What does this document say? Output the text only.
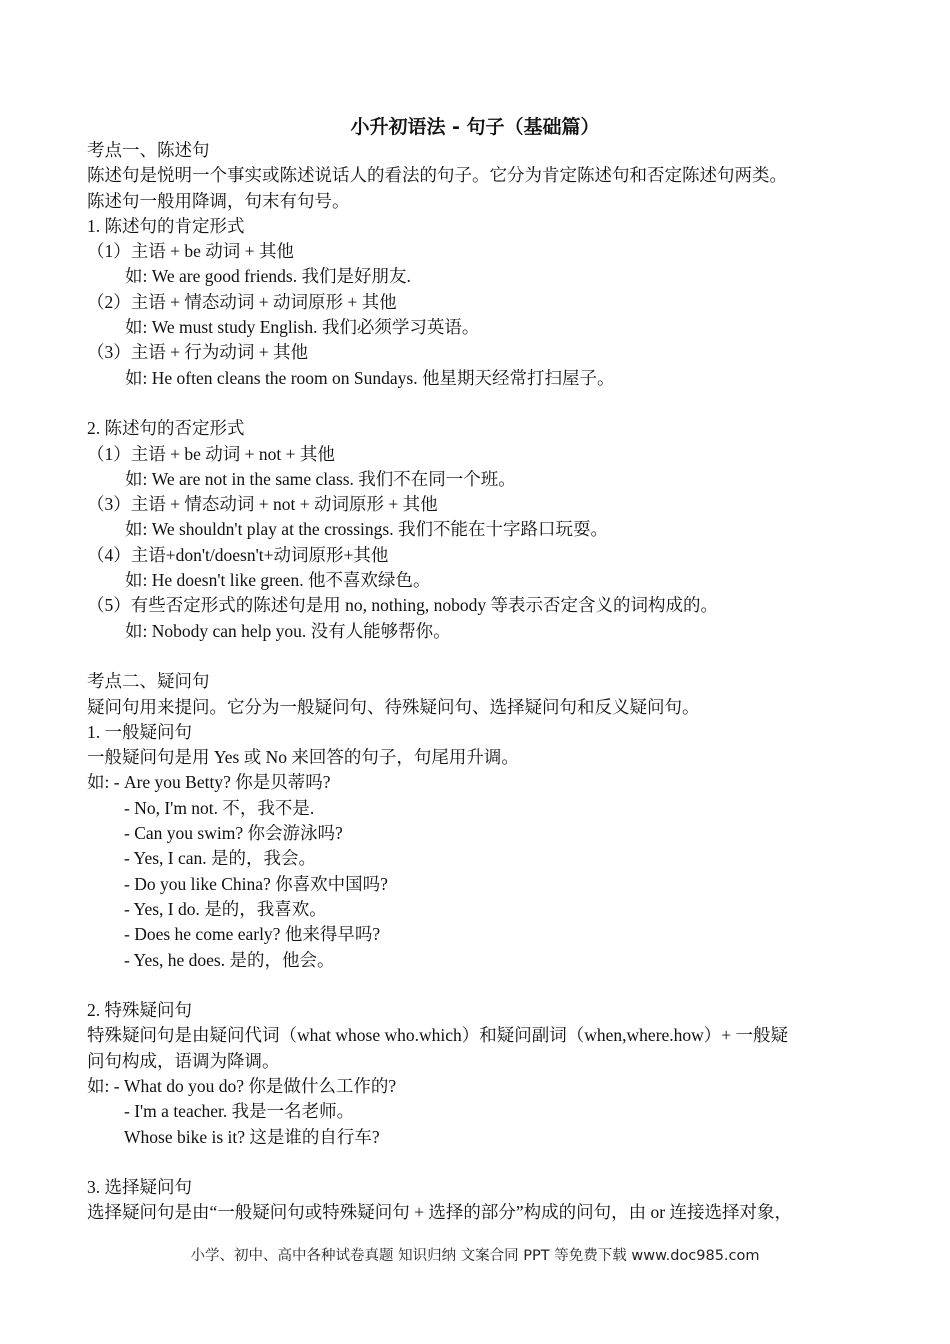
小升初语法 - 句子（基础篇）
考点一、陈述句
陈述句是悦明一个事实或陈述说话人的看法的句子。它分为肯定陈述句和否定陈述句两类。
陈述句一般用降调，句末有句号。
1. 陈述句的肯定形式
（1）主语 + be 动词 + 其他
如: We are good friends. 我们是好朋友.
（2）主语 + 情态动词 + 动词原形 + 其他
如: We must study English. 我们必须学习英语。
（3）主语 + 行为动词 + 其他
如: He often cleans the room on Sundays. 他星期天经常打扫屋子。
2. 陈述句的否定形式
（1）主语 + be 动词 + not + 其他
如: We are not in the same class. 我们不在同一个班。
（3）主语 + 情态动词 + not + 动词原形 + 其他
如: We shouldn't play at the crossings. 我们不能在十字路口玩耍。
（4）主语+don't/doesn't+动词原形+其他
如: He doesn't like green. 他不喜欢绿色。
（5）有些否定形式的陈述句是用 no, nothing, nobody 等表示否定含义的词构成的。
如: Nobody can help you. 没有人能够帮你。
考点二、疑问句
疑问句用来提问。它分为一般疑问句、待殊疑问句、选择疑问句和反义疑问句。
1. 一般疑问句
一般疑问句是用 Yes 或 No 来回答的句子，句尾用升调。
如: - Are you Betty? 你是贝蒂吗?
- No, I'm not. 不，我不是.
- Can you swim? 你会游泳吗?
- Yes, I can. 是的，我会。
- Do you like China? 你喜欢中国吗?
- Yes, I do. 是的，我喜欢。
- Does he come early? 他来得早吗?
- Yes, he does. 是的，他会。
2. 特殊疑问句
特殊疑问句是由疑问代词（what whose who.which）和疑问副词（when,where.how）+ 一般疑
问句构成，语调为降调。
如: - What do you do? 你是做什么工作的?
- I'm a teacher. 我是一名老师。
Whose bike is it? 这是谁的自行车?
3. 选择疑问句
选择疑问句是由“一般疑问句或特殊疑问句 + 选择的部分”构成的问句，由 or 连接选择对象，
小学、初中、高中各种试卷真题 知识归纳 文案合同 PPT 等免费下载 www.doc985.com
